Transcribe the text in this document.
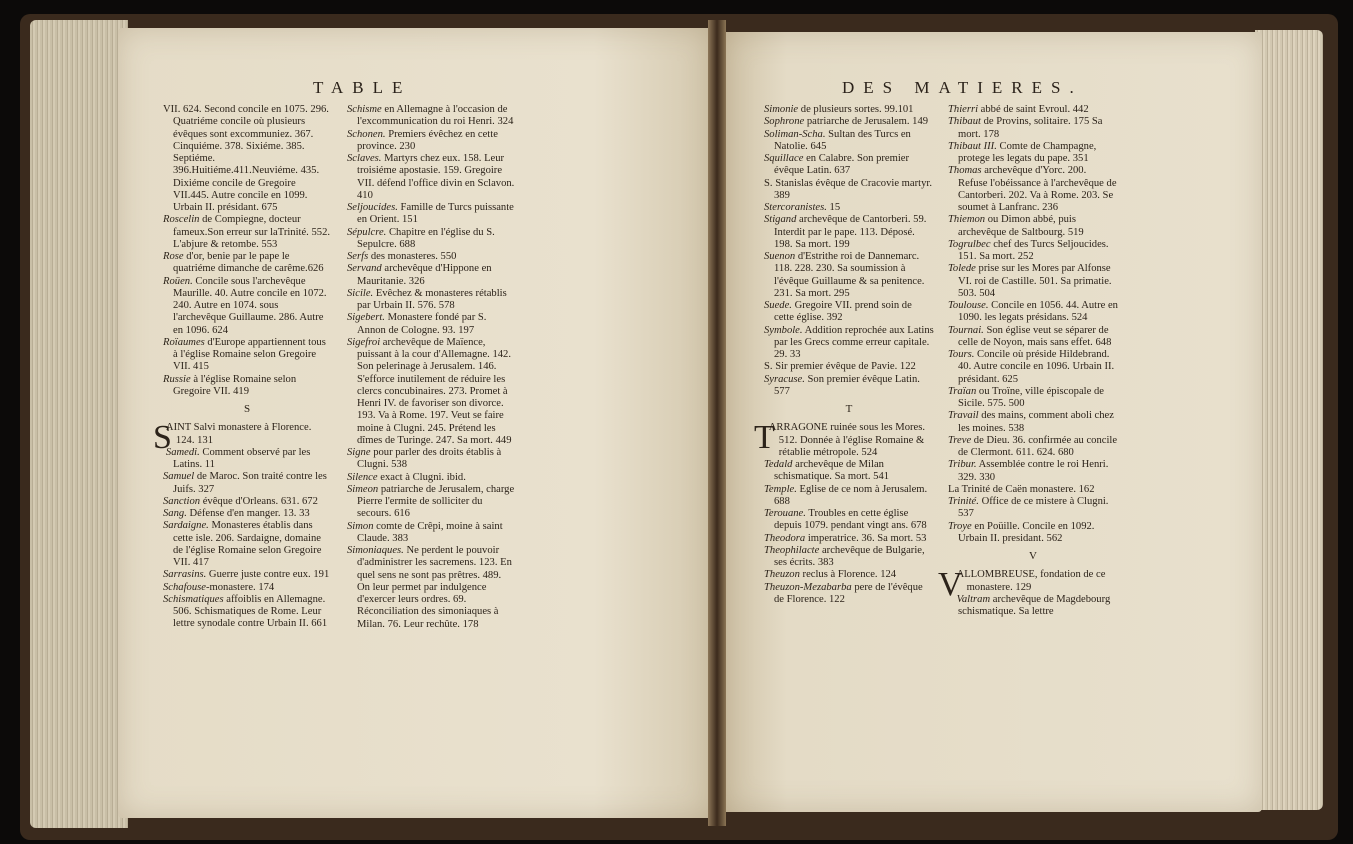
TABLE	DES MATIERES.

VII. 624. Second concile en 1075. 296. Quatriéme concile où plusieurs évêques sont excommuniez. 367. Cinquiéme. 378. Sixiéme. 385. Septiéme. 396.Huitiéme.411.Neuviéme. 435. Dixiéme concile de Gregoire VII.445. Autre concile en 1099. Urbain II. présidant. 675

Roscelin de Compiegne, docteur fameux.Son erreur sur laTrinité. 552. L'abjure & retombe. 553

Rose d'or, benie par le pape le quatriéme dimanche de carême.626

Roüen. Concile sous l'archevêque Maurille. 40. Autre concile en 1072. 240. Autre en 1074. sous l'archevêque Guillaume. 286. Autre en 1096. 624

Roïaumes d'Europe appartiennent tous à l'église Romaine selon Gregoire VII. 415

Russie à l'église Romaine selon Gregoire VII. 419

S

S
AINT Salvi monastere à Florence. 124. 131

Samedi. Comment observé par les Latins. 11

Samuel de Maroc. Son traité contre les Juifs. 327

Sanction évêque d'Orleans. 631. 672

Sang. Défense d'en manger. 13. 33

Sardaigne. Monasteres établis dans cette isle. 206. Sardaigne, domaine de l'église Romaine selon Gregoire VII. 417

Sarrasins. Guerre juste contre eux. 191

Schafouse-monastere. 174

Schismatiques affoiblis en Allemagne. 506. Schismatiques de Rome. Leur lettre synodale contre Urbain II. 661

Schisme en Allemagne à l'occasion de l'excommunication du roi Henri. 324

Schonen. Premiers évêchez en cette province. 230

Sclaves. Martyrs chez eux. 158. Leur troisiéme apostasie. 159. Gregoire VII. défend l'office divin en Sclavon. 410

Seljoucides. Famille de Turcs puissante en Orient. 151

Sépulcre. Chapitre en l'église du S. Sepulcre. 688

Serfs des monasteres. 550

Servand archevêque d'Hippone en Mauritanie. 326

Sicile. Evêchez & monasteres rétablis par Urbain II. 576. 578

Sigebert. Monastere fondé par S. Annon de Cologne. 93. 197

Sigefroi archevêque de Maïence, puissant à la cour d'Allemagne. 142. Son pelerinage à Jerusalem. 146. S'efforce inutilement de réduire les clercs concubinaires. 273. Promet à Henri IV. de favoriser son divorce. 193. Va à Rome. 197. Veut se faire moine à Clugni. 245. Prétend les dîmes de Turinge. 247. Sa mort. 449

Signe pour parler des droits établis à Clugni. 538

Silence exact à Clugni. ibid.

Simeon patriarche de Jerusalem, charge Pierre l'ermite de solliciter du secours. 616

Simon comte de Crêpi, moine à saint Claude. 383

Simoniaques. Ne perdent le pouvoir d'administrer les sacremens. 123. En quel sens ne sont pas prêtres. 489. On leur permet par indulgence d'exercer leurs ordres. 69. Réconciliation des simoniaques à Milan. 76. Leur rechûte. 178

Simonie de plusieurs sortes. 99.101

Sophrone patriarche de Jerusalem. 149

Soliman-Scha. Sultan des Turcs en Natolie. 645

Squillace en Calabre. Son premier évêque Latin. 637

S. Stanislas évêque de Cracovie martyr. 389

Stercoranistes. 15

Stigand archevêque de Cantorberi. 59. Interdit par le pape. 113. Déposé. 198. Sa mort. 199

Suenon d'Estrithe roi de Dannemarc. 118. 228. 230. Sa soumission à l'évêque Guillaume & sa penitence. 231. Sa mort. 295

Suede. Gregoire VII. prend soin de cette église. 392

Symbole. Addition reprochée aux Latins par les Grecs comme erreur capitale. 29. 33

S. Sir premier évêque de Pavie. 122

Syracuse. Son premier évêque Latin. 577

T

T
ARRAGONE ruinée sous les Mores. 512. Donnée à l'église Romaine & rétablie métropole. 524

Tedald archevêque de Milan schismatique. Sa mort. 541

Temple. Eglise de ce nom à Jerusalem. 688

Terouane. Troubles en cette église depuis 1079. pendant vingt ans. 678

Theodora imperatrice. 36. Sa mort. 53

Theophilacte archevêque de Bulgarie, ses écrits. 383

Theuzon reclus à Florence. 124

Theuzon-Mezabarba pere de l'évêque de Florence. 122

Thierri abbé de saint Evroul. 442

Thibaut de Provins, solitaire. 175 Sa mort. 178

Thibaut III. Comte de Champagne, protege les legats du pape. 351

Thomas archevêque d'Yorc. 200. Refuse l'obéissance à l'archevêque de Cantorberi. 202. Va à Rome. 203. Se soumet à Lanfranc. 236

Thiemon ou Dimon abbé, puis archevêque de Saltbourg. 519

Togrulbec chef des Turcs Seljoucides. 151. Sa mort. 252

Tolede prise sur les Mores par Alfonse VI. roi de Castille. 501. Sa primatie. 503. 504

Toulouse. Concile en 1056. 44. Autre en 1090. les legats présidans. 524

Tournai. Son église veut se séparer de celle de Noyon, mais sans effet. 648

Tours. Concile où préside Hildebrand. 40. Autre concile en 1096. Urbain II. présidant. 625

Traïan ou Troïne, ville épiscopale de Sicile. 575. 500

Travail des mains, comment aboli chez les moines. 538

Treve de Dieu. 36. confirmée au concile de Clermont. 611. 624. 680

Tribur. Assemblée contre le roi Henri. 329. 330

La Trinité de Caën monastere. 162

Trinité. Office de ce mistere à Clugni. 537

Troye en Poüille. Concile en 1092. Urbain II. presidant. 562

V

V
ALLOMBREUSE, fondation de ce monastere. 129

Valtram archevêque de Magdebourg schismatique. Sa lettre
